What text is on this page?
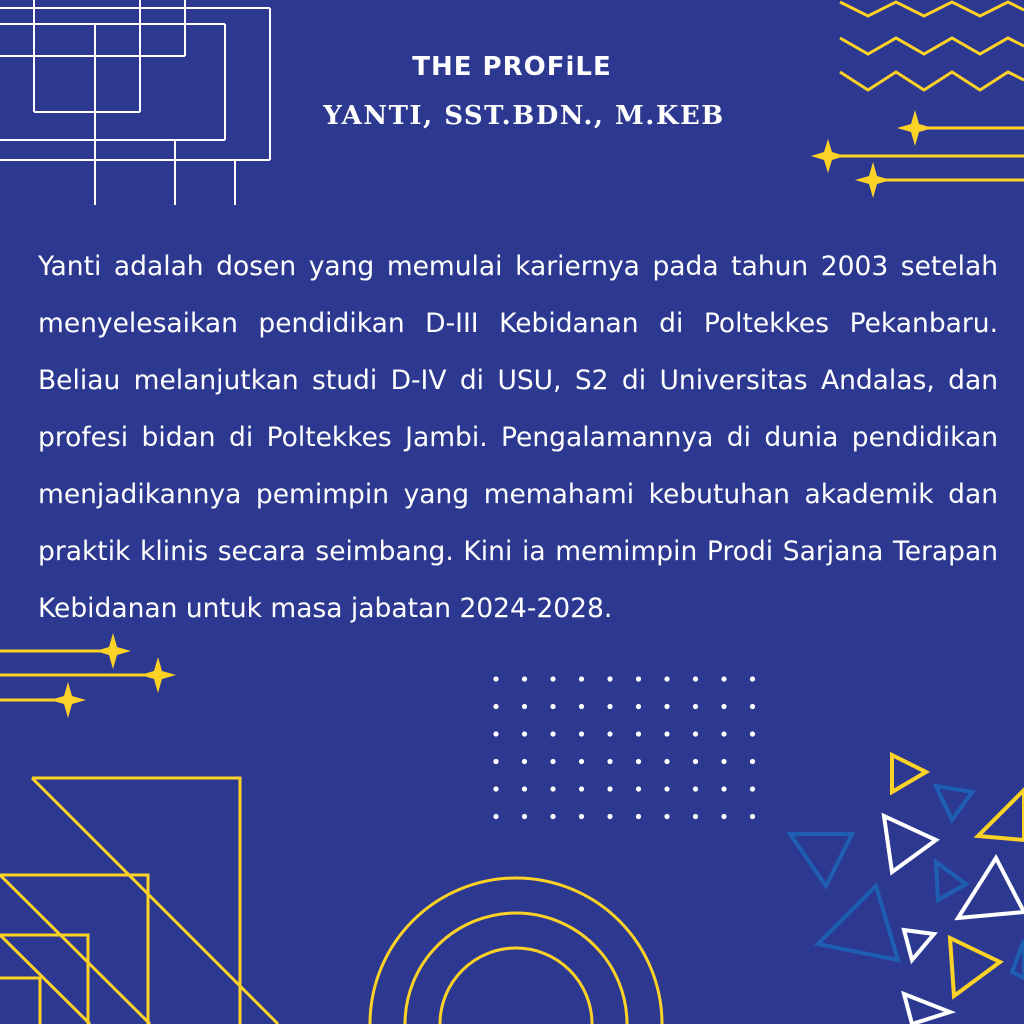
THE PROFiLE
YANTI, SST.BDN., M.KEB

Yanti adalah dosen yang memulai kariernya pada tahun 2003 setelah menyelesaikan pendidikan D-III Kebidanan di Poltekkes Pekanbaru. Beliau melanjutkan studi D-IV di USU, S2 di Universitas Andalas, dan profesi bidan di Poltekkes Jambi. Pengalamannya di dunia pendidikan menjadikannya pemimpin yang memahami kebutuhan akademik dan praktik klinis secara seimbang. Kini ia memimpin Prodi Sarjana Terapan Kebidanan untuk masa jabatan 2024-2028.
